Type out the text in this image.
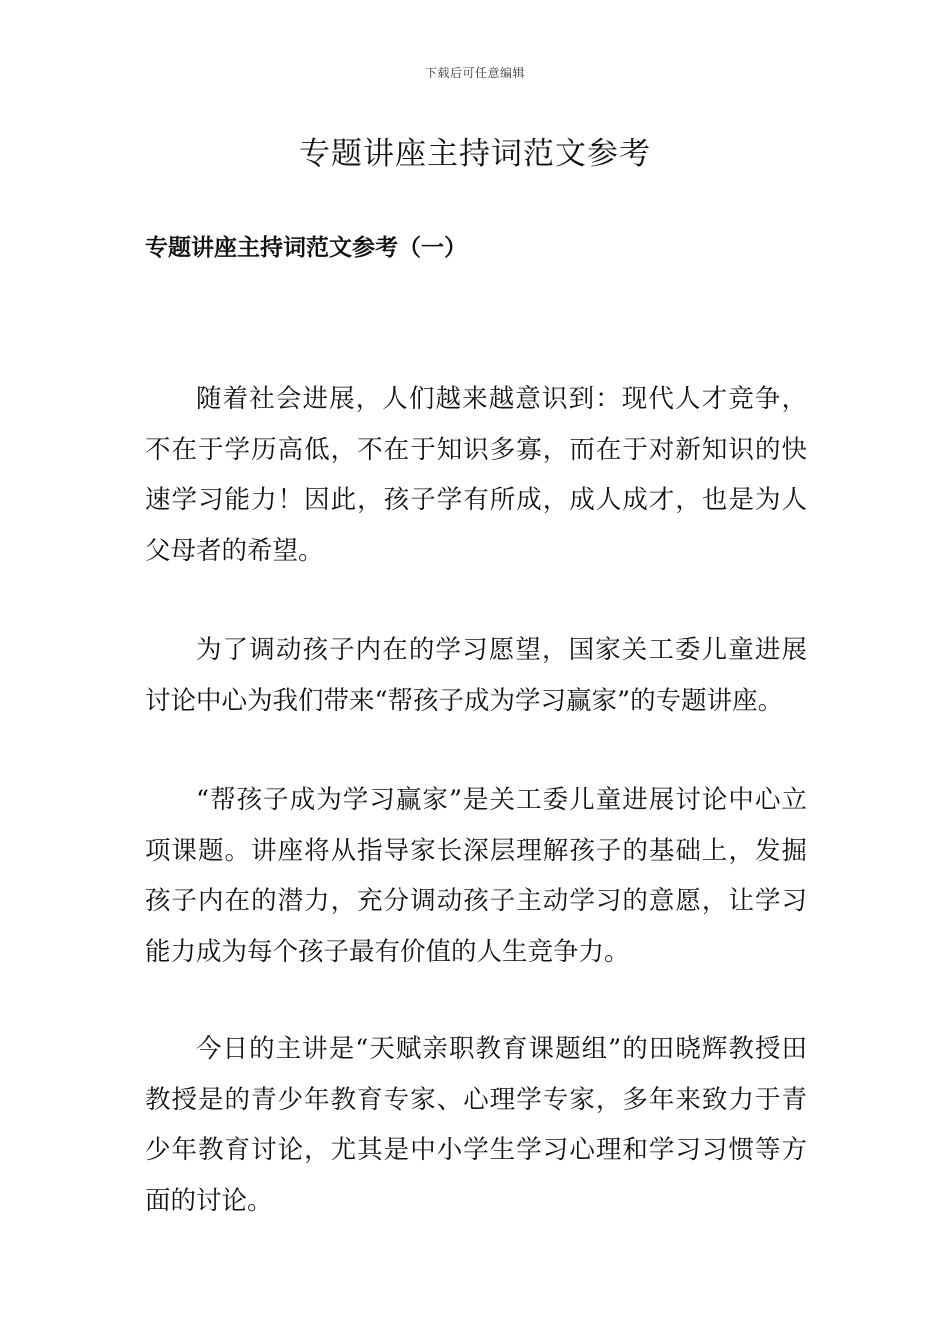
下载后可任意编辑
专题讲座主持词范文参考
专题讲座主持词范文参考（一）

随着社会进展，人们越来越意识到：现代人才竞争，不在于学历高低，不在于知识多寡，而在于对新知识的快速学习能力！因此，孩子学有所成，成人成才，也是为人父母者的希望。

为了调动孩子内在的学习愿望，国家关工委儿童进展讨论中心为我们带来“帮孩子成为学习赢家”的专题讲座。

“帮孩子成为学习赢家”是关工委儿童进展讨论中心立项课题。讲座将从指导家长深层理解孩子的基础上，发掘孩子内在的潜力，充分调动孩子主动学习的意愿，让学习能力成为每个孩子最有价值的人生竞争力。

今日的主讲是“天赋亲职教育课题组”的田晓辉教授田教授是的青少年教育专家、心理学专家，多年来致力于青少年教育讨论，尤其是中小学生学习心理和学习习惯等方面的讨论。
